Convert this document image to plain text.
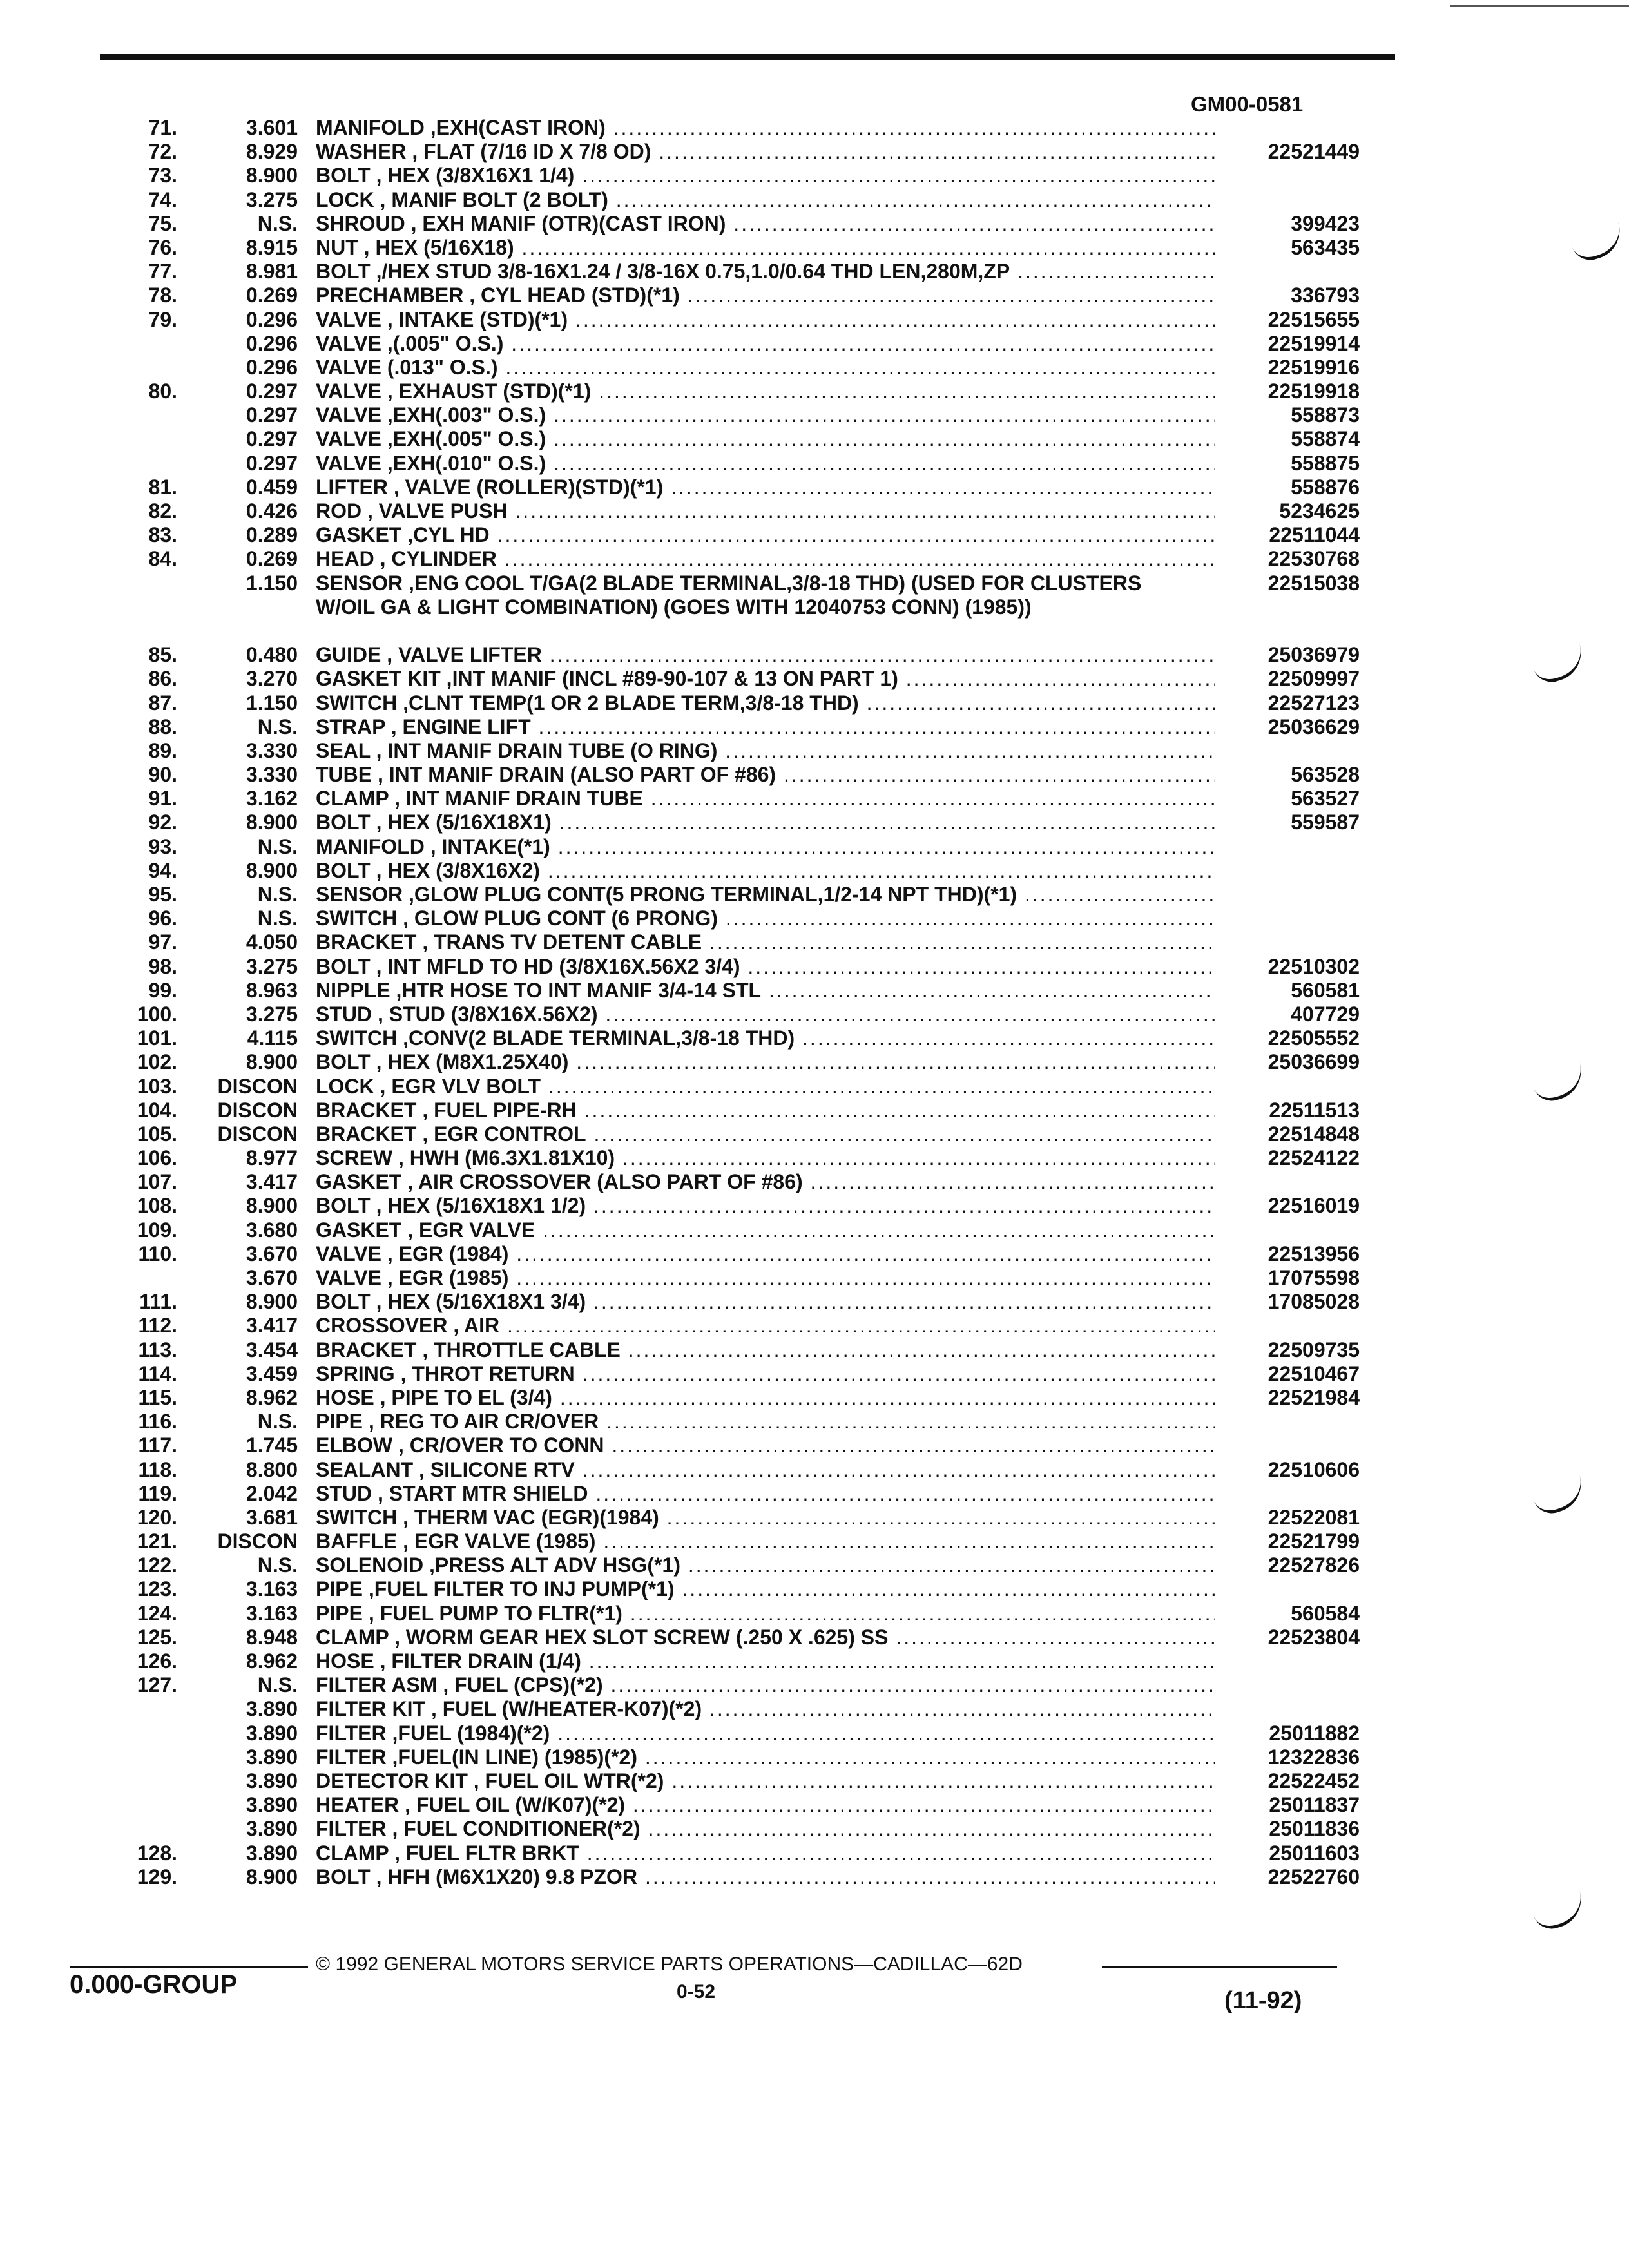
GM00-0581
71.	3.601 MANIFOLD ,EXH(CAST IRON) .....
72.	8.929 WASHER , FLAT (7/16 ID X 7/8 OD) .....	22521449
73.	8.900 BOLT , HEX (3/8X16X1 1/4) .....
74.	3.275 LOCK , MANIF BOLT (2 BOLT) .....
75.	N.S. SHROUD , EXH MANIF (OTR)(CAST IRON) .....	399423
76.	8.915 NUT , HEX (5/16X18) .....	563435
77.	8.981 BOLT ,/HEX STUD 3/8-16X1.24 / 3/8-16X 0.75,1.0/0.64 THD LEN,280M,ZP .....
78.	0.269 PRECHAMBER , CYL HEAD (STD)(*1) .....	336793
79.	0.296 VALVE , INTAKE (STD)(*1) .....	22515655
0.296 VALVE ,(.005" O.S.) .....	22519914
0.296 VALVE (.013" O.S.) .....	22519916
80.	0.297 VALVE , EXHAUST (STD)(*1) .....	22519918
0.297 VALVE ,EXH(.003" O.S.) .....	558873
0.297 VALVE ,EXH(.005" O.S.) .....	558874
0.297 VALVE ,EXH(.010" O.S.) .....	558875
81.	0.459 LIFTER , VALVE (ROLLER)(STD)(*1) .....	558876
82.	0.426 ROD , VALVE PUSH .....	5234625
83.	0.289 GASKET ,CYL HD .....	22511044
84.	0.269 HEAD , CYLINDER .....	22530768
1.150 SENSOR ,ENG COOL T/GA(2 BLADE TERMINAL,3/8-18 THD) (USED FOR CLUSTERS W/OIL GA & LIGHT COMBINATION) (GOES WITH 12040753 CONN) (1985))
22515038
85.	0.480 GUIDE , VALVE LIFTER .....	25036979
86.	3.270 GASKET KIT ,INT MANIF (INCL #89-90-107 & 13 ON PART 1) .....	22509997
87.	1.150 SWITCH ,CLNT TEMP(1 OR 2 BLADE TERM,3/8-18 THD) .....	22527123
88.	N.S. STRAP , ENGINE LIFT .....	25036629
89.	3.330 SEAL , INT MANIF DRAIN TUBE (O RING) .....
90.	3.330 TUBE , INT MANIF DRAIN (ALSO PART OF #86) .....	563528
91.	3.162 CLAMP , INT MANIF DRAIN TUBE .....	563527
92.	8.900 BOLT , HEX (5/16X18X1) .....	559587
93.	N.S. MANIFOLD , INTAKE(*1) .....
94.	8.900 BOLT , HEX (3/8X16X2) .....
95.	N.S. SENSOR ,GLOW PLUG CONT(5 PRONG TERMINAL,1/2-14 NPT THD)(*1) .....
96.	N.S. SWITCH , GLOW PLUG CONT (6 PRONG) .....
97.	4.050 BRACKET , TRANS TV DETENT CABLE .....
98.	3.275 BOLT , INT MFLD TO HD (3/8X16X.56X2 3/4) .....	22510302
99.	8.963 NIPPLE ,HTR HOSE TO INT MANIF 3/4-14 STL .....	560581
100.	3.275 STUD , STUD (3/8X16X.56X2) .....	407729
101.	4.115 SWITCH ,CONV(2 BLADE TERMINAL,3/8-18 THD) .....	22505552
102.	8.900 BOLT , HEX (M8X1.25X40) .....	25036699
103. DISCON LOCK , EGR VLV BOLT .....
104. DISCON BRACKET , FUEL PIPE-RH .....	22511513
105. DISCON BRACKET , EGR CONTROL .....	22514848
106.	8.977 SCREW , HWH (M6.3X1.81X10) .....	22524122
107.	3.417 GASKET , AIR CROSSOVER (ALSO PART OF #86) .....
108.	8.900 BOLT , HEX (5/16X18X1 1/2) .....	22516019
109.	3.680 GASKET , EGR VALVE .....
110.	3.670 VALVE , EGR (1984) .....	22513956
3.670 VALVE , EGR (1985) .....	17075598
111.	8.900 BOLT , HEX (5/16X18X1 3/4) .....	17085028
112.	3.417 CROSSOVER , AIR .....
113.	3.454 BRACKET , THROTTLE CABLE .....	22509735
114.	3.459 SPRING , THROT RETURN .....	22510467
115.	8.962 HOSE , PIPE TO EL (3/4) .....	22521984
116.	N.S. PIPE , REG TO AIR CR/OVER .....
117.	1.745 ELBOW , CR/OVER TO CONN .....
118.	8.800 SEALANT , SILICONE RTV .....	22510606
119.	2.042 STUD , START MTR SHIELD .....
120.	3.681 SWITCH , THERM VAC (EGR)(1984) .....	22522081
121. DISCON BAFFLE , EGR VALVE (1985) .....	22521799
122.	N.S. SOLENOID ,PRESS ALT ADV HSG(*1) .....	22527826
123.	3.163 PIPE ,FUEL FILTER TO INJ PUMP(*1) .....
124.	3.163 PIPE , FUEL PUMP TO FLTR(*1) .....	560584
125.	8.948 CLAMP , WORM GEAR HEX SLOT SCREW (.250 X .625) SS .....	22523804
126.	8.962 HOSE , FILTER DRAIN (1/4) .....
127.	N.S. FILTER ASM , FUEL (CPS)(*2) .....
3.890 FILTER KIT , FUEL (W/HEATER-K07)(*2) .....
3.890 FILTER ,FUEL (1984)(*2) .....	25011882
3.890 FILTER ,FUEL(IN LINE) (1985)(*2) .....	12322836
3.890 DETECTOR KIT , FUEL OIL WTR(*2) .....	22522452
3.890 HEATER , FUEL OIL (W/K07)(*2) .....	25011837
3.890 FILTER , FUEL CONDITIONER(*2) .....	25011836
128.	3.890 CLAMP , FUEL FLTR BRKT .....	25011603
129.	8.900 BOLT , HFH (M6X1X20) 9.8 PZOR .....	22522760
0.000-GROUP
© 1992 GENERAL MOTORS SERVICE PARTS OPERATIONS—CADILLAC—62D
0-52	(11-92)
